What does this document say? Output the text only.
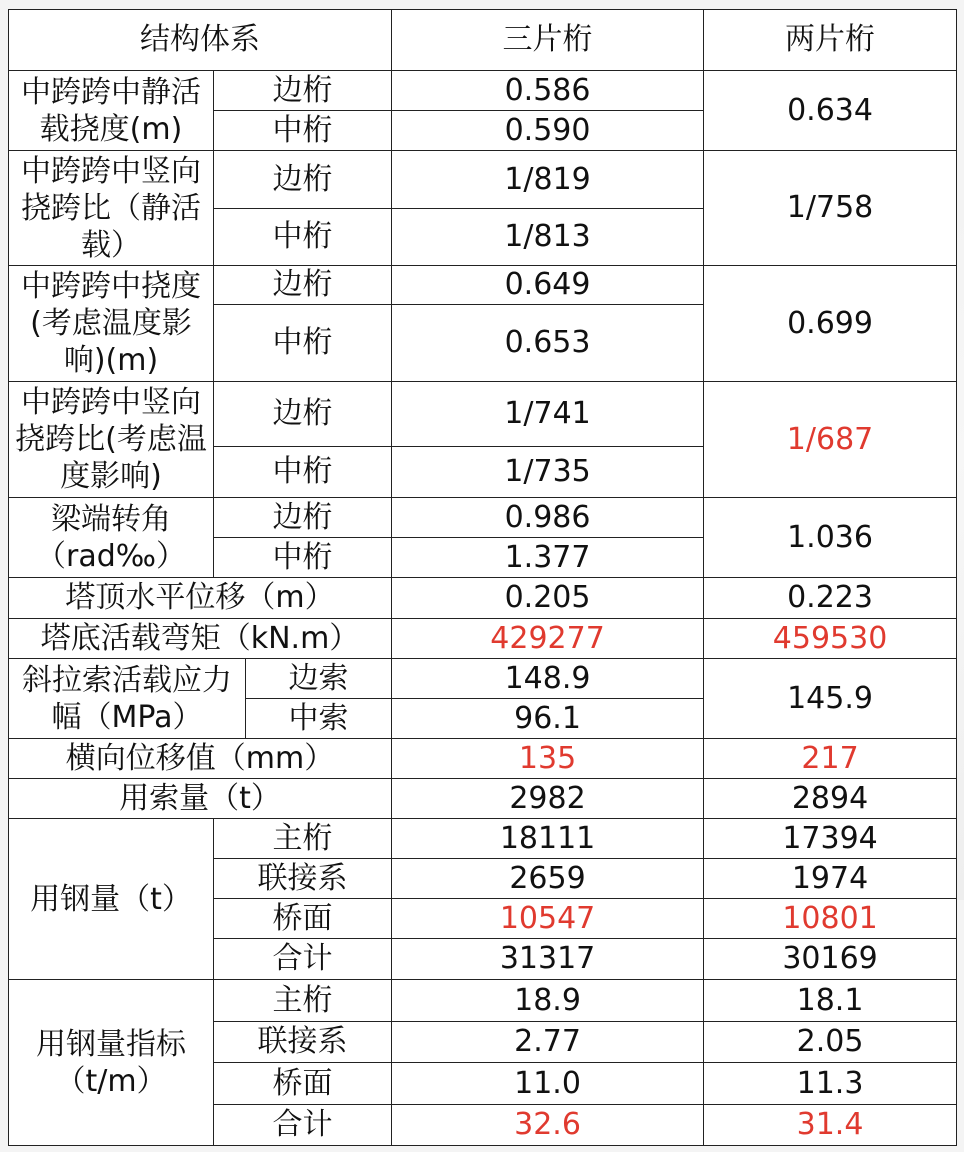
结构体系			三片桁	两片桁
中跨跨中静活载挠度(m)	边桁		0.586	0.634
	中桁		0.590	
中跨跨中竖向挠跨比（静活载）	边桁		1/819	1/758
	中桁		1/813	
中跨跨中挠度(考虑温度影响)(m)	边桁		0.649	0.699
	中桁		0.653	
中跨跨中竖向挠跨比(考虑温度影响)	边桁		1/741	1/687
	中桁		1/735	
梁端转角（rad‰）	边桁		0.986	1.036
	中桁		1.377	
塔顶水平位移（m）			0.205	0.223
塔底活载弯矩（kN.m）			429277	459530
斜拉索活载应力幅（MPa）		边索	148.9	145.9
		中索	96.1	
横向位移值（mm）			135	217
用索量（t）			2982	2894
用钢量（t）	主桁		18111	17394
	联接系		2659	1974
	桥面		10547	10801
	合计		31317	30169
用钢量指标（t/m）	主桁		18.9	18.1
	联接系		2.77	2.05
	桥面		11.0	11.3
	合计		32.6	31.4
